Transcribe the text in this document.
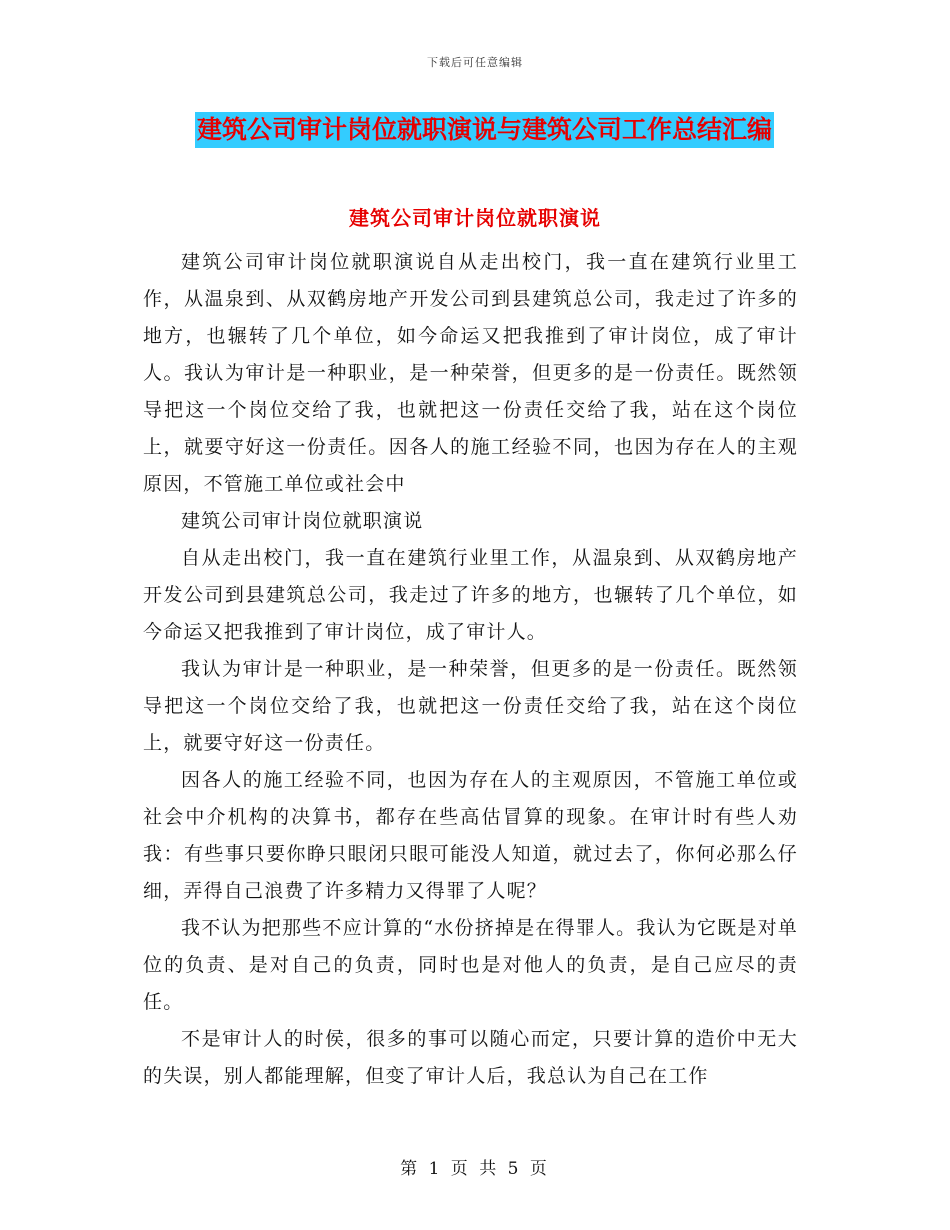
下载后可任意编辑
建筑公司审计岗位就职演说与建筑公司工作总结汇编
建筑公司审计岗位就职演说

建筑公司审计岗位就职演说自从走出校门，我一直在建筑行业里工作，从温泉到、从双鹤房地产开发公司到县建筑总公司，我走过了许多的地方，也辗转了几个单位，如今命运又把我推到了审计岗位，成了审计人。我认为审计是一种职业，是一种荣誉，但更多的是一份责任。既然领导把这一个岗位交给了我，也就把这一份责任交给了我，站在这个岗位上，就要守好这一份责任。因各人的施工经验不同，也因为存在人的主观原因，不管施工单位或社会中

建筑公司审计岗位就职演说

自从走出校门，我一直在建筑行业里工作，从温泉到、从双鹤房地产开发公司到县建筑总公司，我走过了许多的地方，也辗转了几个单位，如今命运又把我推到了审计岗位，成了审计人。

我认为审计是一种职业，是一种荣誉，但更多的是一份责任。既然领导把这一个岗位交给了我，也就把这一份责任交给了我，站在这个岗位上，就要守好这一份责任。

因各人的施工经验不同，也因为存在人的主观原因，不管施工单位或社会中介机构的决算书，都存在些高估冒算的现象。在审计时有些人劝我：有些事只要你睁只眼闭只眼可能没人知道，就过去了，你何必那么仔细，弄得自己浪费了许多精力又得罪了人呢？

我不认为把那些不应计算的“水份挤掉是在得罪人。我认为它既是对单位的负责、是对自己的负责，同时也是对他人的负责，是自己应尽的责任。

不是审计人的时侯，很多的事可以随心而定，只要计算的造价中无大的失误，别人都能理解，但变了审计人后，我总认为自己在工作

第 1 页 共 5 页
